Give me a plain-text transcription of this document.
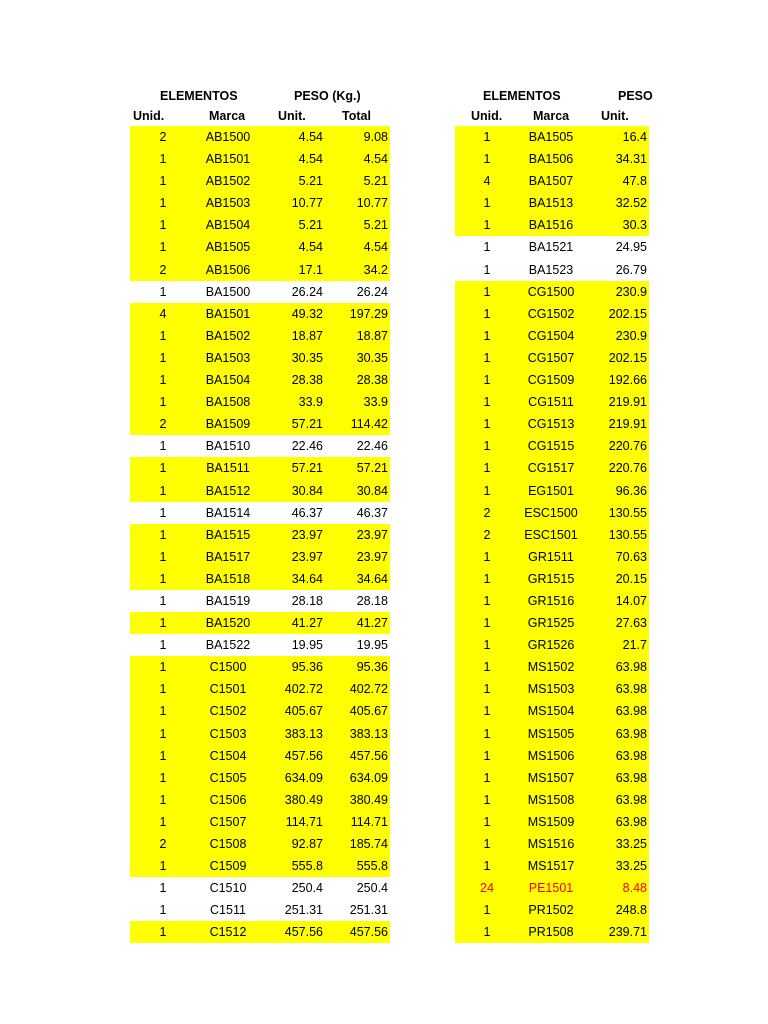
ELEMENTOS	PESO (Kg.)
Unid.	Marca	Unit.	Total
2	AB1500	4.54	9.08
1	AB1501	4.54	4.54
1	AB1502	5.21	5.21
1	AB1503	10.77	10.77
1	AB1504	5.21	5.21
1	AB1505	4.54	4.54
2	AB1506	17.1	34.2
1	BA1500	26.24	26.24
4	BA1501	49.32	197.29
1	BA1502	18.87	18.87
1	BA1503	30.35	30.35
1	BA1504	28.38	28.38
1	BA1508	33.9	33.9
2	BA1509	57.21	114.42
1	BA1510	22.46	22.46
1	BA1511	57.21	57.21
1	BA1512	30.84	30.84
1	BA1514	46.37	46.37
1	BA1515	23.97	23.97
1	BA1517	23.97	23.97
1	BA1518	34.64	34.64
1	BA1519	28.18	28.18
1	BA1520	41.27	41.27
1	BA1522	19.95	19.95
1	C1500	95.36	95.36
1	C1501	402.72	402.72
1	C1502	405.67	405.67
1	C1503	383.13	383.13
1	C1504	457.56	457.56
1	C1505	634.09	634.09
1	C1506	380.49	380.49
1	C1507	114.71	114.71
2	C1508	92.87	185.74
1	C1509	555.8	555.8
1	C1510	250.4	250.4
1	C1511	251.31	251.31
1	C1512	457.56	457.56
ELEMENTOS	PESO
Unid. Marca	Unit.
1	BA1505	16.4
1	BA1506	34.31
4	BA1507	47.8
1	BA1513	32.52
1	BA1516	30.3
1	BA1521	24.95
1	BA1523	26.79
1	CG1500	230.9
1	CG1502	202.15
1	CG1504	230.9
1	CG1507	202.15
1	CG1509	192.66
1	CG1511	219.91
1	CG1513	219.91
1	CG1515	220.76
1	CG1517	220.76
1	EG1501	96.36
2	ESC1500	130.55
2	ESC1501	130.55
1	GR1511	70.63
1	GR1515	20.15
1	GR1516	14.07
1	GR1525	27.63
1	GR1526	21.7
1	MS1502	63.98
1	MS1503	63.98
1	MS1504	63.98
1	MS1505	63.98
1	MS1506	63.98
1	MS1507	63.98
1	MS1508	63.98
1	MS1509	63.98
1	MS1516	33.25
1	MS1517	33.25
24	PE1501	8.48
1	PR1502	248.8
1	PR1508	239.71
